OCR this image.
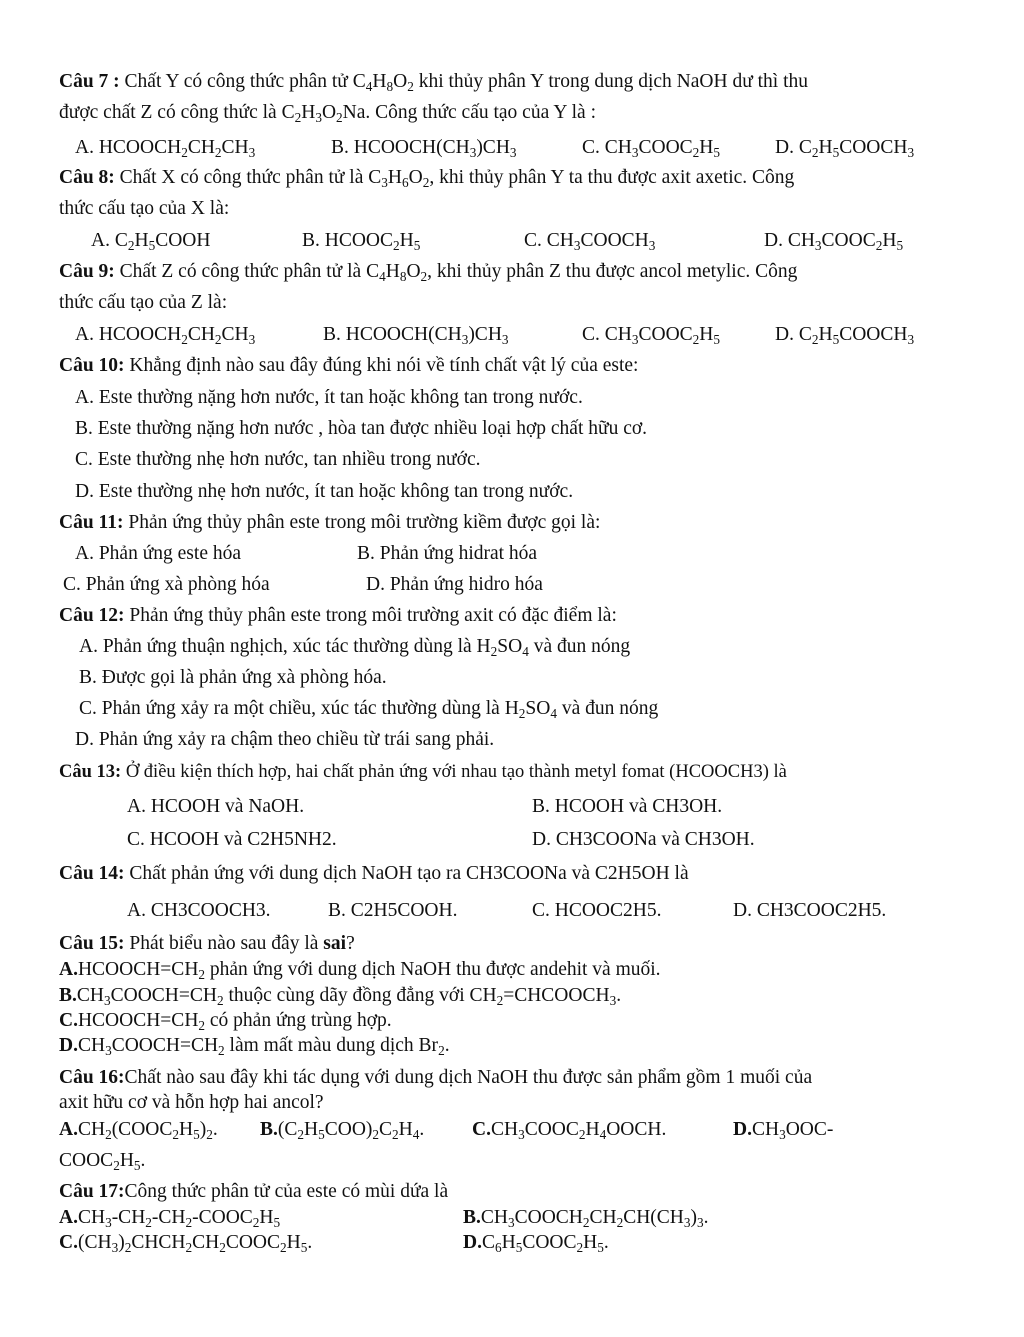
Câu 7 : Chất Y có công thức phân tử $C_4H_8O_2$ khi thủy phân Y trong dung dịch NaOH dư thì thu
được chất Z có công thức là $C_2H_3O_2Na$. Công thức cấu tạo của Y là :
A. $HCOOCH_2CH_2CH_3$	B. $HCOOCH(CH_3)CH_3$	C. $CH_3COOC_2H_5$	D. $C_2H_5COOCH_3$
Câu 8: Chất X có công thức phân tử là $C_3H_6O_2$, khi thủy phân Y ta thu được axit axetic. Công
thức cấu tạo của X là:
A. $C_2H_5COOH$	B. $HCOOC_2H_5$	C. $CH_3COOCH_3$	D. $CH_3COOC_2H_5$
Câu 9: Chất Z có công thức phân tử là $C_4H_8O_2$, khi thủy phân Z thu được ancol metylic. Công
thức cấu tạo của Z là:
A. $HCOOCH_2CH_2CH_3$	B. $HCOOCH(CH_3)CH_3$	C. $CH_3COOC_2H_5$	D. $C_2H_5COOCH_3$
Câu 10: Khẳng định nào sau đây đúng khi nói về tính chất vật lý của este:
A. Este thường nặng hơn nước, ít tan hoặc không tan trong nước.
B. Este thường nặng hơn nước , hòa tan được nhiều loại hợp chất hữu cơ.
C. Este thường nhẹ hơn nước, tan nhiều trong nước.
D. Este thường nhẹ hơn nước, ít tan hoặc không tan trong nước.
Câu 11: Phản ứng thủy phân este trong môi trường kiềm được gọi là:
A. Phản ứng este hóa	B. Phản ứng hidrat hóa
C. Phản ứng xà phòng hóa	D. Phản ứng hidro hóa
Câu 12: Phản ứng thủy phân este trong môi trường axit có đặc điểm là:
A. Phản ứng thuận nghịch, xúc tác thường dùng là $H_2SO_4$ và đun nóng
B. Được gọi là phản ứng xà phòng hóa.
C. Phản ứng xảy ra một chiều, xúc tác thường dùng là $H_2SO_4$ và đun nóng
D. Phản ứng xảy ra chậm theo chiều từ trái sang phải.
Câu 13: Ở điều kiện thích hợp, hai chất phản ứng với nhau tạo thành metyl fomat (HCOOCH3) là
A. HCOOH và NaOH.	B. HCOOH và CH3OH.
C. HCOOH và C2H5NH2.	D. CH3COONa và CH3OH.
Câu 14: Chất phản ứng với dung dịch NaOH tạo ra CH3COONa và C2H5OH là
A. CH3COOCH3.	B. C2H5COOH.	C. HCOOC2H5.	D. CH3COOC2H5.
Câu 15: Phát biểu nào sau đây là sai?
$A.HCOOCH=CH_2$ phản ứng với dung dịch NaOH thu được andehit và muối.
$B.CH_3COOCH=CH_2$ thuộc cùng dãy đồng đẳng với $CH_2=CHCOOCH_3$.
$C.HCOOCH=CH_2$ có phản ứng trùng hợp.
$D.CH_3COOCH=CH_2$ làm mất màu dung dịch $Br_2$.
Câu 16:Chất nào sau đây khi tác dụng với dung dịch NaOH thu được sản phẩm gồm 1 muối của
axit hữu cơ và hỗn hợp hai ancol?
$A.CH_2(COOC_2H_5)_2$. $B.(C_2H_5COO)_2C_2H_4$. $C.CH_3COOC_2H_4OOCH$.	$D.CH_3OOC-$
$COOC_2H_5$.
Câu 17:Công thức phân tử của este có mùi dứa là
$A.CH_3-CH_2-CH_2-COOC_2H_5$	$B.CH_3COOCH_2CH_2CH(CH_3)_3$.
$C.(CH_3)_2CHCH_2CH_2COOC_2H_5$.	$D.C_6H_5COOC_2H_5$.
